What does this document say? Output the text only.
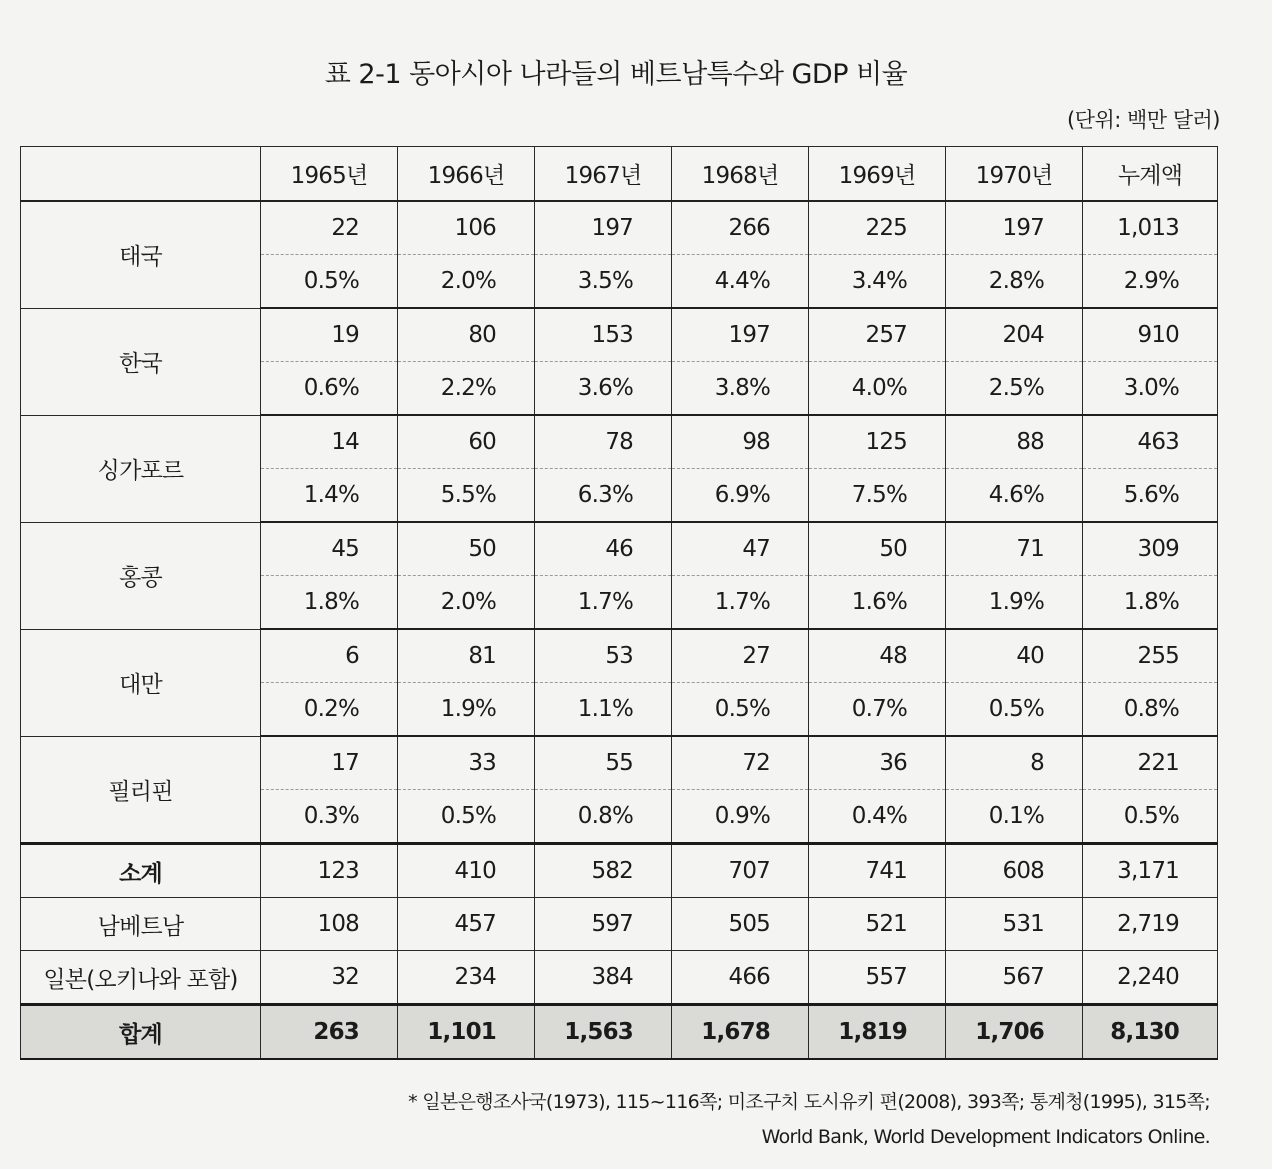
표 2-1 동아시아 나라들의 베트남특수와 GDP 비율
(단위: 백만 달러)
	1965년	1966년	1967년	1968년	1969년	1970년	누계액
태국	22	106	197	266	225	197	1,013
	0.5%	2.0%	3.5%	4.4%	3.4%	2.8%	2.9%
한국	19	80	153	197	257	204	910
	0.6%	2.2%	3.6%	3.8%	4.0%	2.5%	3.0%
싱가포르	14	60	78	98	125	88	463
	1.4%	5.5%	6.3%	6.9%	7.5%	4.6%	5.6%
홍콩	45	50	46	47	50	71	309
	1.8%	2.0%	1.7%	1.7%	1.6%	1.9%	1.8%
대만	6	81	53	27	48	40	255
	0.2%	1.9%	1.1%	0.5%	0.7%	0.5%	0.8%
필리핀	17	33	55	72	36	8	221
	0.3%	0.5%	0.8%	0.9%	0.4%	0.1%	0.5%
소계	123	410	582	707	741	608	3,171
남베트남	108	457	597	505	521	531	2,719
일본(오키나와 포함)	32	234	384	466	557	567	2,240
합계	263	1,101	1,563	1,678	1,819	1,706	8,130
* 일본은행조사국(1973), 115~116쪽; 미조구치 도시유키 편(2008), 393쪽; 통계청(1995), 315쪽;
World Bank, World Development Indicators Online.
